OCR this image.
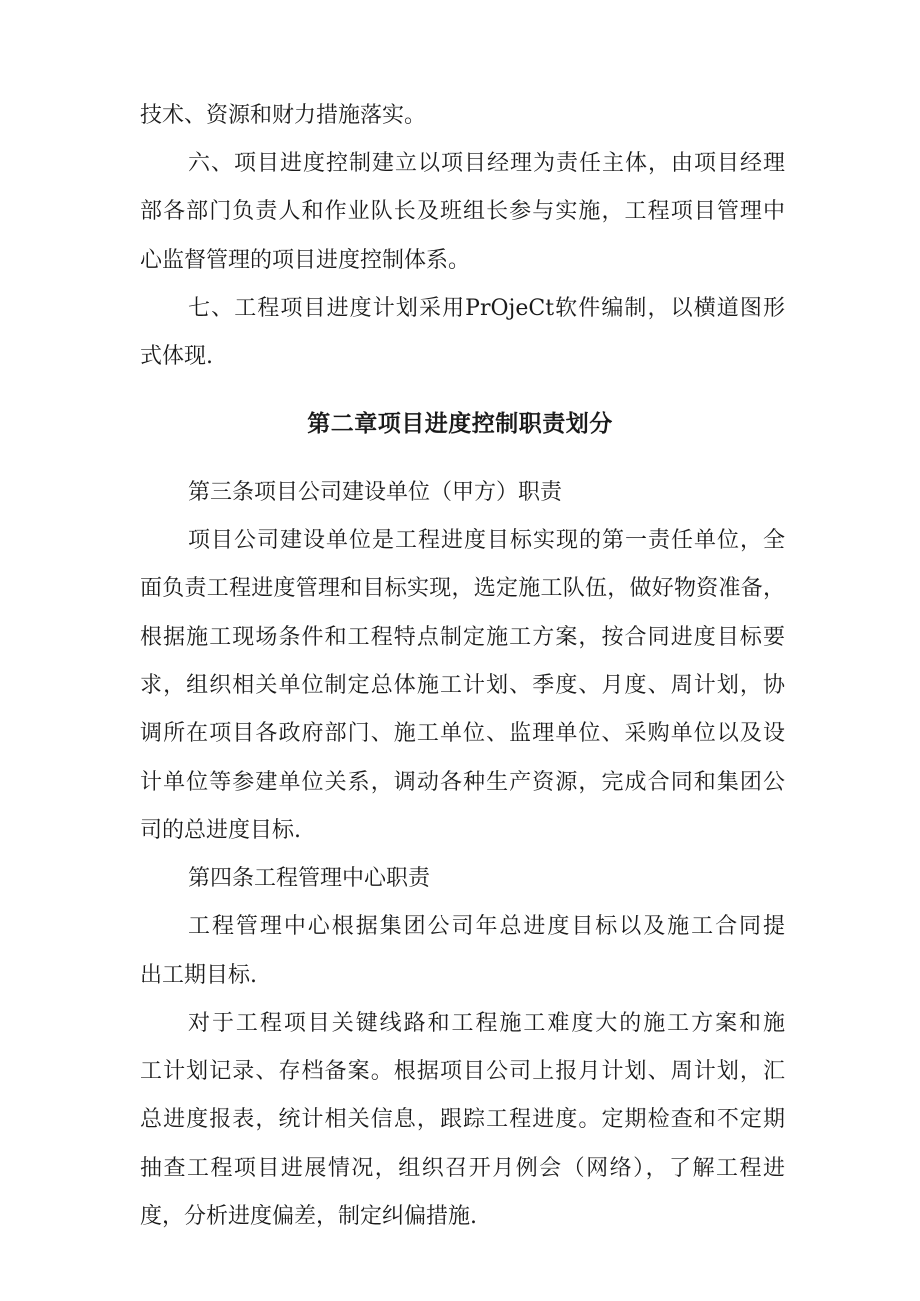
技术、资源和财力措施落实。
六、项目进度控制建立以项目经理为责任主体，由项目经理
部各部门负责人和作业队长及班组长参与实施，工程项目管理中
心监督管理的项目进度控制体系。
七、工程项目进度计划采用PrOjeCt软件编制，以横道图形
式体现.
第二章项目进度控制职责划分
第三条项目公司建设单位（甲方）职责
项目公司建设单位是工程进度目标实现的第一责任单位，全
面负责工程进度管理和目标实现，选定施工队伍，做好物资准备，
根据施工现场条件和工程特点制定施工方案，按合同进度目标要
求，组织相关单位制定总体施工计划、季度、月度、周计划，协
调所在项目各政府部门、施工单位、监理单位、采购单位以及设
计单位等参建单位关系，调动各种生产资源，完成合同和集团公
司的总进度目标.
第四条工程管理中心职责
工程管理中心根据集团公司年总进度目标以及施工合同提
出工期目标.
对于工程项目关键线路和工程施工难度大的施工方案和施
工计划记录、存档备案。根据项目公司上报月计划、周计划，汇
总进度报表，统计相关信息，跟踪工程进度。定期检查和不定期
抽查工程项目进展情况，组织召开月例会（网络），了解工程进
度，分析进度偏差，制定纠偏措施.
